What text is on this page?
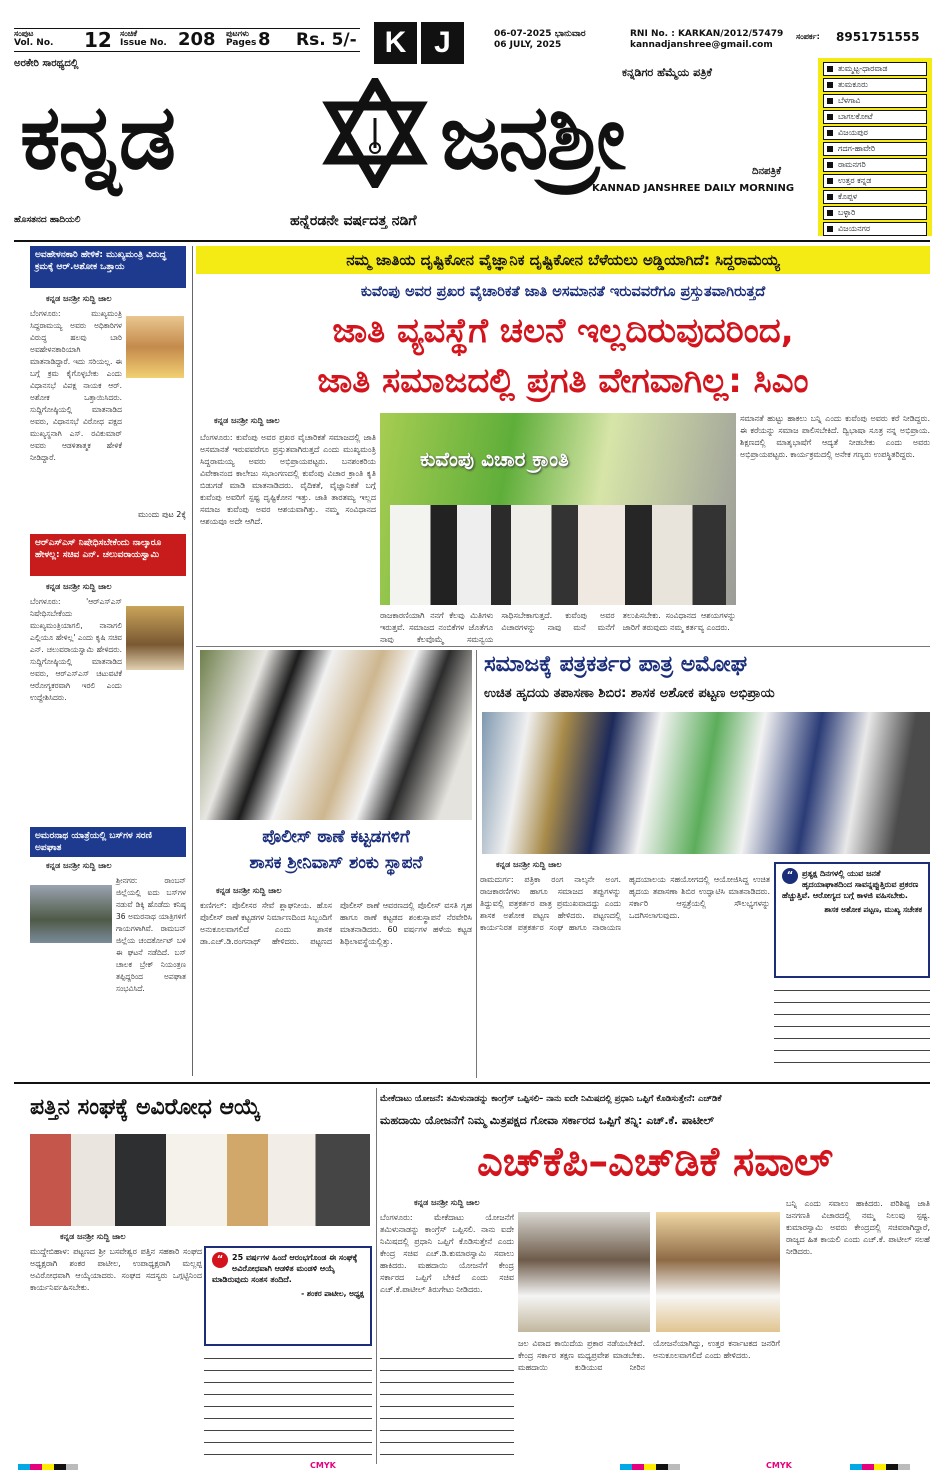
ಸಂಪುಟ
Vol. No.	12 ಸಂಚಿಕೆ
Issue No. 208 ಪುಟಗಳು
Pages 8 Rs. 5/- K J	06-07-2025 ಭಾನುವಾರ
06 JULY, 2025
RNI No. : KARKAN/2012/57479
kannadjanshree@gmail.com
ಸಂಪರ್ಕ: 8951751555
ಅರಕೇರಿ ಸಾರಥ್ಯದಲ್ಲಿ
ಕನ್ನಡಿಗರ ಹೆಮ್ಮೆಯ ಪತ್ರಿಕೆ
ಕನ್ನಡ	ಜನಶ್ರೀ	ದಿನಪತ್ರಿಕೆ
ಹೊಸತನದ ಹಾದಿಯಲಿ	ಹನ್ನೆರಡನೇ ವರ್ಷದತ್ತ ನಡಿಗೆ
KANNAD JANSHREE DAILY MORNING
ತುಮ್ಮಟ್ಟ-ಧಾರವಾಡ
ತುಮಕೂರು
ಬೆಳಗಾವಿ
ಬಾಗಲಕೋಟೆ
ವಿಜಯಪುರ
ಗದಗ-ಹಾವೇರಿ
ರಾಮನಗರಿ
ಉತ್ತರ ಕನ್ನಡ
ಕೊಪ್ಪಳ
ಬಳ್ಳಾರಿ
ವಿಜಯನಗರ
ಅವಹೇಳನಕಾರಿ ಹೇಳಿಕೆ: ಮುಖ್ಯಮಂತ್ರಿ ವಿರುದ್ಧ ಕ್ರಮಕ್ಕೆ ಆರ್.ಅಶೋಕ ಒತ್ತಾಯ
ಕನ್ನಡ ಜನಶ್ರೀ ಸುದ್ದಿ ಜಾಲ
ಬೆಂಗಳೂರು: ಮುಖ್ಯಮಂತ್ರಿ ಸಿದ್ದರಾಮಯ್ಯ ಅವರು ಅಧಿಕಾರಿಗಳ ವಿರುದ್ಧ ಹಲವು ಬಾರಿ ಅವಹೇಳನಕಾರಿಯಾಗಿ ಮಾತನಾಡಿದ್ದಾರೆ. ಇದು ಸರಿಯಲ್ಲ. ಈ ಬಗ್ಗೆ ಕ್ರಮ ಕೈಗೊಳ್ಳಬೇಕು ಎಂದು ವಿಧಾನಸಭೆ ವಿಪಕ್ಷ ನಾಯಕ ಆರ್. ಅಶೋಕ ಒತ್ತಾಯಿಸಿದರು. ಸುದ್ದಿಗೋಷ್ಠಿಯಲ್ಲಿ ಮಾತನಾಡಿದ ಅವರು, ವಿಧಾನಸಭೆ ವಿರೋಧ ಪಕ್ಷದ ಮುಖ್ಯಸ್ಥನಾಗಿ ಎಸ್. ರವಿಕುಮಾರ್ ಅವರು ಆಡಳಿತಾತ್ಮಕ ಹೇಳಿಕೆ ನೀಡಿದ್ದಾರೆ.
ಮುಂದು ಪುಟ 2ಕ್ಕೆ
ಆರ್‌ಎಸ್‌ಎಸ್ ನಿಷೇಧಿಸಬೇಕೆಂದು ನಾಲ್ಕಾರೂ ಹೇಳಲ್ಲ: ಸಚಿವ ಎನ್. ಚಲುವರಾಯಸ್ವಾಮಿ
ಕನ್ನಡ ಜನಶ್ರೀ ಸುದ್ದಿ ಜಾಲ
ಬೆಂಗಳೂರು: 'ಆರ್‌ಎಸ್‌ಎಸ್ ನಿಷೇಧಿಸಬೇಕೆಂದು ಮುಖ್ಯಮಂತ್ರಿಯಾಗಲಿ, ನಾನಾಗಲಿ ಎಲ್ಲಿಯೂ ಹೇಳಿಲ್ಲ' ಎಂದು ಕೃಷಿ ಸಚಿವ ಎನ್. ಚಲುವರಾಯಸ್ವಾಮಿ ಹೇಳಿದರು. ಸುದ್ದಿಗೋಷ್ಠಿಯಲ್ಲಿ ಮಾತನಾಡಿದ ಅವರು, ಆರ್‌ಎಸ್‌ಎಸ್ ಚಟುವಟಿಕೆ ಆರೋಗ್ಯಕರವಾಗಿ ಇರಲಿ ಎಂದು ಉದ್ದೇಶಿಸಿದರು.
ಅಮರನಾಥ ಯಾತ್ರೆಯಲ್ಲಿ ಬಸ್‌ಗಳ ಸರಣಿ ಅಪಘಾತ
ಕನ್ನಡ ಜನಶ್ರೀ ಸುದ್ದಿ ಜಾಲ
ಶ್ರೀನಗರ: ರಾಂಬನ್ ಜಿಲ್ಲೆಯಲ್ಲಿ ಐದು ಬಸ್‌ಗಳ ನಡುವೆ ಡಿಕ್ಕಿ ಹೊಡೆದು ಕನಿಷ್ಠ 36 ಅಮರನಾಥ ಯಾತ್ರಿಗಳಿಗೆ ಗಾಯಗಳಾಗಿವೆ. ರಾಮಬನ್ ಜಿಲ್ಲೆಯ ಚಂದರ್ಕೋಟ್ ಬಳಿ ಈ ಘಟನೆ ನಡೆದಿದೆ. ಬಸ್ ಚಾಲಕ ಬ್ರೇಕ್ ನಿಯಂತ್ರಣ ತಪ್ಪಿದ್ದರಿಂದ ಅಪಘಾತ ಸಂಭವಿಸಿದೆ.
ನಮ್ಮ ಜಾತಿಯ ದೃಷ್ಟಿಕೋನ ವೈಜ್ಞಾನಿಕ ದೃಷ್ಟಿಕೋನ ಬೆಳೆಯಲು ಅಡ್ಡಿಯಾಗಿದೆ: ಸಿದ್ದರಾಮಯ್ಯ
ಕುವೆಂಪು ಅವರ ಪ್ರಖರ ವೈಚಾರಿಕತೆ ಜಾತಿ ಅಸಮಾನತೆ ಇರುವವರೆಗೂ ಪ್ರಸ್ತುತವಾಗಿರುತ್ತದೆ
ಜಾತಿ ವ್ಯವಸ್ಥೆಗೆ ಚಲನೆ ಇಲ್ಲದಿರುವುದರಿಂದ,
ಜಾತಿ ಸಮಾಜದಲ್ಲಿ ಪ್ರಗತಿ ವೇಗವಾಗಿಲ್ಲ: ಸಿಎಂ
ಕನ್ನಡ ಜನಶ್ರೀ ಸುದ್ದಿ ಜಾಲ
ಬೆಂಗಳೂರು: ಕುವೆಂಪು ಅವರ ಪ್ರಖರ ವೈಚಾರಿಕತೆ ಸಮಾಜದಲ್ಲಿ ಜಾತಿ ಅಸಮಾನತೆ ಇರುವವರೆಗೂ ಪ್ರಸ್ತುತವಾಗಿರುತ್ತದೆ ಎಂದು ಮುಖ್ಯಮಂತ್ರಿ ಸಿದ್ದರಾಮಯ್ಯ ಅವರು ಅಭಿಪ್ರಾಯಪಟ್ಟರು. ಬನಶಂಕರಿಯ ವಿವೇಕಾನಂದ ಕಾಲೇಜು ಸಭಾಂಗಣದಲ್ಲಿ ಕುವೆಂಪು ವಿಚಾರ ಕ್ರಾಂತಿ ಕೃತಿ ಬಿಡುಗಡೆ ಮಾಡಿ ಮಾತನಾಡಿದರು. ವೈದಿಕತೆ, ವೈಜ್ಞಾನಿಕತೆ ಬಗ್ಗೆ ಕುವೆಂಪು ಅವರಿಗೆ ಸ್ಪಷ್ಟ ದೃಷ್ಟಿಕೋನ ಇತ್ತು. ಜಾತಿ ತಾರತಮ್ಯ ಇಲ್ಲದ ಸಮಾಜ ಕುವೆಂಪು ಅವರ ಆಶಯವಾಗಿತ್ತು. ನಮ್ಮ ಸಂವಿಧಾನದ ಆಶಯವೂ ಅದೇ ಆಗಿದೆ.
ಕುವೆಂಪು ವಿಚಾರ ಕ್ರಾಂತಿ
ರಾಜಕಾರಣಿಯಾಗಿ ನನಗೆ ಕೆಲವು ಮಿತಿಗಳು ಇರುತ್ತವೆ. ಸಮಾಜದ ನಂಬಿಕೆಗಳ ಜೊತೆಗೂ ನಾವು ಕೆಲವೊಮ್ಮೆ ಸಮನ್ವಯ ಸಾಧಿಸಬೇಕಾಗುತ್ತದೆ. ಕುವೆಂಪು ಅವರ ವಿಚಾರಗಳನ್ನು ನಾವು ಮನೆ ಮನೆಗೆ ತಲುಪಿಸಬೇಕು. ಸಂವಿಧಾನದ ಆಶಯಗಳನ್ನು ಜಾರಿಗೆ ತರುವುದು ನಮ್ಮ ಕರ್ತವ್ಯ ಎಂದರು.
ಸಮಾನತೆ ಹುಟ್ಟು ಹಾಕಲು ಬನ್ನಿ ಎಂದು ಕುವೆಂಪು ಅವರು ಕರೆ ನೀಡಿದ್ದರು. ಈ ಕರೆಯನ್ನು ಸಮಾಜ ಪಾಲಿಸಬೇಕಿದೆ. ದ್ವಿಭಾಷಾ ಸೂತ್ರ ನನ್ನ ಅಭಿಪ್ರಾಯ. ಶಿಕ್ಷಣದಲ್ಲಿ ಮಾತೃಭಾಷೆಗೆ ಆದ್ಯತೆ ನೀಡಬೇಕು ಎಂದು ಅವರು ಅಭಿಪ್ರಾಯಪಟ್ಟರು. ಕಾರ್ಯಕ್ರಮದಲ್ಲಿ ಅನೇಕ ಗಣ್ಯರು ಉಪಸ್ಥಿತರಿದ್ದರು.
ಪೊಲೀಸ್ ಠಾಣೆ ಕಟ್ಟಡಗಳಿಗೆ
ಶಾಸಕ ಶ್ರೀನಿವಾಸ್ ಶಂಕು ಸ್ಥಾಪನೆ
ಕನ್ನಡ ಜನಶ್ರೀ ಸುದ್ದಿ ಜಾಲ
ಕುಣಿಗಲ್: ಪೊಲೀಸರ ಸೇವೆ ಶ್ಲಾಘನೀಯ. ಹೊಸ ಪೊಲೀಸ್ ಠಾಣೆ ಕಟ್ಟಡಗಳ ನಿರ್ಮಾಣದಿಂದ ಸಿಬ್ಬಂದಿಗೆ ಅನುಕೂಲವಾಗಲಿದೆ ಎಂದು ಶಾಸಕ ಡಾ.ಎಚ್.ಡಿ.ರಂಗನಾಥ್ ಹೇಳಿದರು. ಪಟ್ಟಣದ ಪೊಲೀಸ್ ಠಾಣೆ ಆವರಣದಲ್ಲಿ ಪೊಲೀಸ್ ವಸತಿ ಗೃಹ ಹಾಗೂ ಠಾಣೆ ಕಟ್ಟಡದ ಶಂಕುಸ್ಥಾಪನೆ ನೆರವೇರಿಸಿ ಮಾತನಾಡಿದರು. 60 ವರ್ಷಗಳ ಹಳೆಯ ಕಟ್ಟಡ ಶಿಥಿಲಾವಸ್ಥೆಯಲ್ಲಿತ್ತು.
ಸಮಾಜಕ್ಕೆ ಪತ್ರಕರ್ತರ ಪಾತ್ರ ಅಮೋಘ
ಉಚಿತ ಹೃದಯ ತಪಾಸಣಾ ಶಿಬಿರ: ಶಾಸಕ ಅಶೋಕ ಪಟ್ಟಣ ಅಭಿಪ್ರಾಯ
ಕನ್ನಡ ಜನಶ್ರೀ ಸುದ್ದಿ ಜಾಲ
ರಾಮದುರ್ಗ: ಪತ್ರಿಕಾ ರಂಗ ನಾಲ್ಕನೇ ಅಂಗ. ರಾಜಕಾರಣಿಗಳು ಹಾಗೂ ಸಮಾಜದ ತಪ್ಪುಗಳನ್ನು ತಿದ್ದುವಲ್ಲಿ ಪತ್ರಕರ್ತರ ಪಾತ್ರ ಪ್ರಮುಖವಾದದ್ದು ಎಂದು ಶಾಸಕ ಅಶೋಕ ಪಟ್ಟಣ ಹೇಳಿದರು. ಪಟ್ಟಣದಲ್ಲಿ ಕಾರ್ಯನಿರತ ಪತ್ರಕರ್ತರ ಸಂಘ ಹಾಗೂ ನಾರಾಯಣ ಹೃದಯಾಲಯ ಸಹಯೋಗದಲ್ಲಿ ಆಯೋಜಿಸಿದ್ದ ಉಚಿತ ಹೃದಯ ತಪಾಸಣಾ ಶಿಬಿರ ಉದ್ಘಾಟಿಸಿ ಮಾತನಾಡಿದರು. ಸರ್ಕಾರಿ ಆಸ್ಪತ್ರೆಯಲ್ಲಿ ಸೌಲಭ್ಯಗಳನ್ನು ಒದಗಿಸಲಾಗುವುದು.
“	ಪ್ರತ್ಯಕ್ಷ ದಿನಗಳಲ್ಲಿ ಯುವ ಜನತೆ ಹೃದಯಾಘಾತದಿಂದ ಸಾವನ್ನಪ್ಪುತ್ತಿರುವ ಪ್ರಕರಣ ಹೆಚ್ಚುತ್ತಿವೆ. ಆರೋಗ್ಯದ ಬಗ್ಗೆ ಕಾಳಜಿ ವಹಿಸಬೇಕು.
ಶಾಸಕ ಅಶೋಕ ಪಟ್ಟಣ, ಮುಖ್ಯ ಸಚೇತಕ
ಪತ್ತಿನ ಸಂಘಕ್ಕೆ ಅವಿರೋಧ ಆಯ್ಕೆ
ಕನ್ನಡ ಜನಶ್ರೀ ಸುದ್ದಿ ಜಾಲ
ಮುದ್ದೇಬಿಹಾಳ: ಪಟ್ಟಣದ ಶ್ರೀ ಬಸವೇಶ್ವರ ಪತ್ತಿನ ಸಹಕಾರಿ ಸಂಘದ ಅಧ್ಯಕ್ಷರಾಗಿ ಶಂಕರ ಪಾಟೀಲ, ಉಪಾಧ್ಯಕ್ಷರಾಗಿ ಮಲ್ಲಪ್ಪ ಅವಿರೋಧವಾಗಿ ಆಯ್ಕೆಯಾದರು. ಸಂಘದ ಸದಸ್ಯರು ಒಗ್ಗಟ್ಟಿನಿಂದ ಕಾರ್ಯನಿರ್ವಹಿಸಬೇಕು.
“	25 ವರ್ಷಗಳ ಹಿಂದೆ ಆರಂಭಗೊಂಡ ಈ ಸಂಘಕ್ಕೆ ಅವಿರೋಧವಾಗಿ ಆಡಳಿತ ಮಂಡಳಿ ಆಯ್ಕೆ ಮಾಡಿರುವುದು ಸಂತಸ ತಂದಿದೆ.
- ಶಂಕರ ಪಾಟೀಲ, ಅಧ್ಯಕ್ಷ
ಮೇಕೆದಾಟು ಯೋಜನೆ: ತಮಿಳುನಾಡನ್ನು ಕಾಂಗ್ರೆಸ್ ಒಪ್ಪಿಸಲಿ– ನಾನು ಐದೇ ನಿಮಿಷದಲ್ಲಿ ಪ್ರಧಾನಿ ಒಪ್ಪಿಗೆ ಕೊಡಿಸುತ್ತೇನೆ: ಎಚ್‌ಡಿಕೆ
ಮಹದಾಯಿ ಯೋಜನೆಗೆ ನಿಮ್ಮ ಮಿತ್ರಪಕ್ಷದ ಗೋವಾ ಸರ್ಕಾರದ ಒಪ್ಪಿಗೆ ತನ್ನಿ: ಎಚ್.ಕೆ. ಪಾಟೀಲ್
ಎಚ್‌ಕೆಪಿ–ಎಚ್‌ಡಿಕೆ ಸವಾಲ್
ಕನ್ನಡ ಜನಶ್ರೀ ಸುದ್ದಿ ಜಾಲ
ಬೆಂಗಳೂರು: ಮೇಕೆದಾಟು ಯೋಜನೆಗೆ ತಮಿಳುನಾಡನ್ನು ಕಾಂಗ್ರೆಸ್ ಒಪ್ಪಿಸಲಿ. ನಾನು ಐದೇ ನಿಮಿಷದಲ್ಲಿ ಪ್ರಧಾನಿ ಒಪ್ಪಿಗೆ ಕೊಡಿಸುತ್ತೇನೆ ಎಂದು ಕೇಂದ್ರ ಸಚಿವ ಎಚ್.ಡಿ.ಕುಮಾರಸ್ವಾಮಿ ಸವಾಲು ಹಾಕಿದರು. ಮಹದಾಯಿ ಯೋಜನೆಗೆ ಕೇಂದ್ರ ಸರ್ಕಾರದ ಒಪ್ಪಿಗೆ ಬೇಕಿದೆ ಎಂದು ಸಚಿವ ಎಚ್.ಕೆ.ಪಾಟೀಲ್ ತಿರುಗೇಟು ನೀಡಿದರು.
ಜಲ ವಿವಾದ ಕಾಯಿದೆಯ ಪ್ರಕಾರ ನಡೆಯಬೇಕಿದೆ. ಕೇಂದ್ರ ಸರ್ಕಾರ ತಕ್ಷಣ ಮಧ್ಯಪ್ರವೇಶ ಮಾಡಬೇಕು. ಮಹದಾಯಿ ಕುಡಿಯುವ ನೀರಿನ ಯೋಜನೆಯಾಗಿದ್ದು, ಉತ್ತರ ಕರ್ನಾಟಕದ ಜನರಿಗೆ ಅನುಕೂಲವಾಗಲಿದೆ ಎಂದು ಹೇಳಿದರು.
ಬನ್ನಿ ಎಂದು ಸವಾಲು ಹಾಕಿದರು. ಪರಿಶಿಷ್ಟ ಜಾತಿ ಜನಗಣತಿ ವಿಚಾರದಲ್ಲಿ ನಮ್ಮ ನಿಲುವು ಸ್ಪಷ್ಟ. ಕುಮಾರಸ್ವಾಮಿ ಅವರು ಕೇಂದ್ರದಲ್ಲಿ ಸಚಿವರಾಗಿದ್ದಾರೆ, ರಾಜ್ಯದ ಹಿತ ಕಾಯಲಿ ಎಂದು ಎಚ್.ಕೆ. ಪಾಟೀಲ್ ಸಲಹೆ ನೀಡಿದರು.
CMYK	CMYK
